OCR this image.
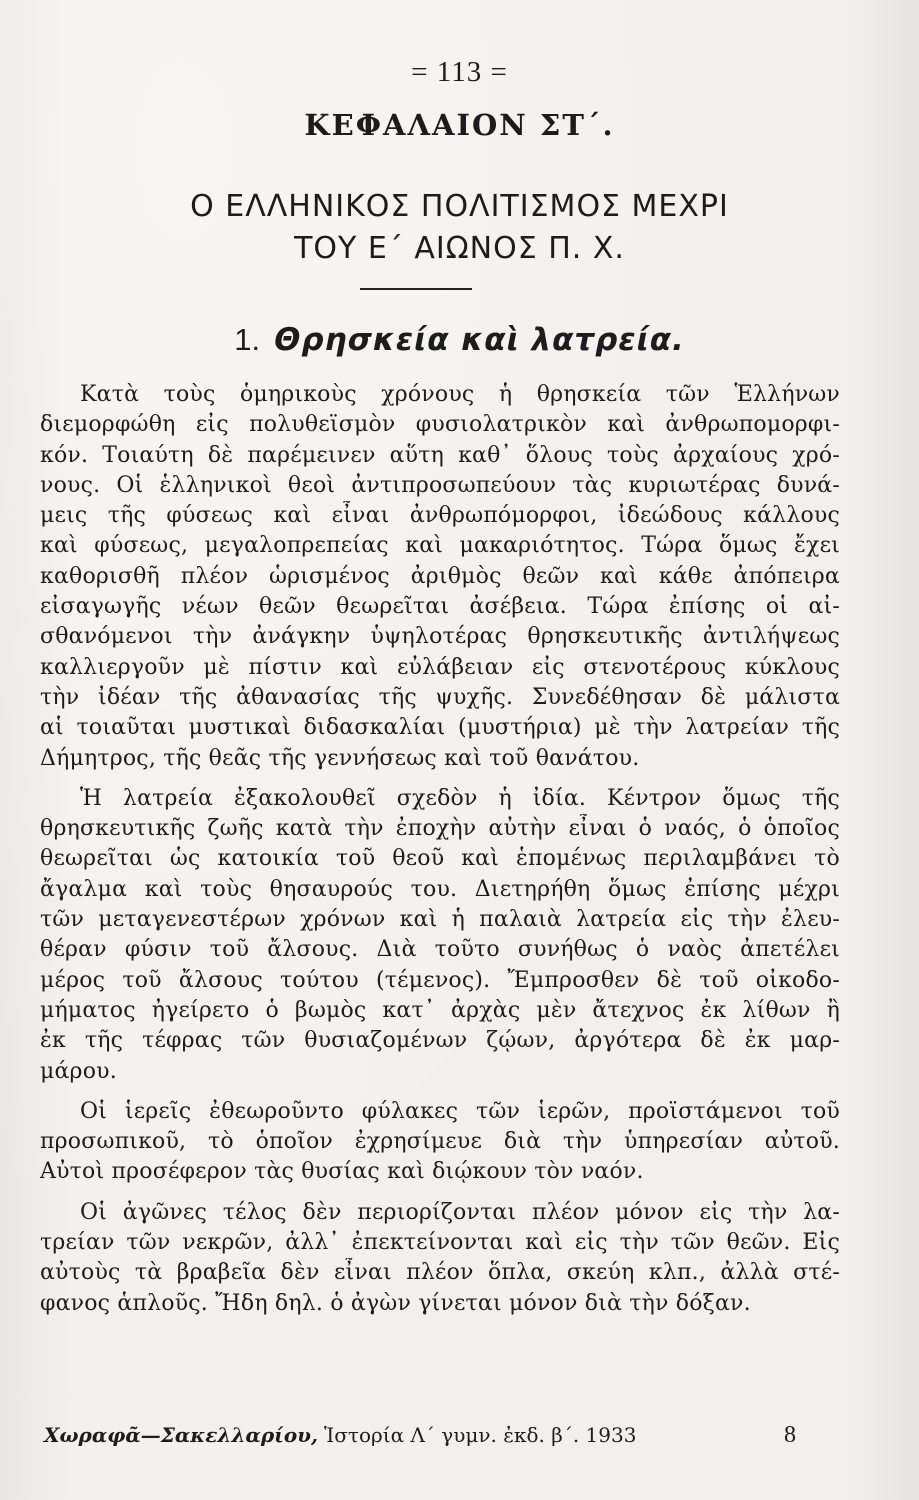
= 113 =
ΚΕΦΑΛΑΙΟΝ ΣΤ΄.
Ο ΕΛΛΗΝΙΚΟΣ ΠΟΛΙΤΙΣΜΟΣ ΜΕΧΡΙ
ΤΟΥ Ε΄ ΑΙΩΝΟΣ Π. Χ.
1. Θρησκεία καὶ λατρεία.
Κατὰ τοὺς ὁμηρικοὺς χρόνους ἡ θρησκεία τῶν Ἑλλήνων
διεμορφώθη εἰς πολυθεϊσμὸν φυσιολατρικὸν καὶ ἀνθρωπομορφι-
κόν. Τοιαύτη δὲ παρέμεινεν αὕτη καθ᾿ ὅλους τοὺς ἀρχαίους χρό-
νους. Οἱ ἑλληνικοὶ θεοὶ ἀντιπροσωπεύουν τὰς κυριωτέρας δυνά-
μεις τῆς φύσεως καὶ εἶναι ἀνθρωπόμορφοι, ἰδεώδους κάλλους
καὶ φύσεως, μεγαλοπρεπείας καὶ μακαριότητος. Τώρα ὅμως ἔχει
καθορισθῆ πλέον ὡρισμένος ἀριθμὸς θεῶν καὶ κάθε ἀπόπειρα
εἰσαγωγῆς νέων θεῶν θεωρεῖται ἀσέβεια. Τώρα ἐπίσης οἱ αἰ-
σθανόμενοι τὴν ἀνάγκην ὑψηλοτέρας θρησκευτικῆς ἀντιλήψεως
καλλιεργοῦν μὲ πίστιν καὶ εὐλάβειαν εἰς στενοτέρους κύκλους
τὴν ἰδέαν τῆς ἀθανασίας τῆς ψυχῆς. Συνεδέθησαν δὲ μάλιστα
αἱ τοιαῦται μυστικαὶ διδασκαλίαι (μυστήρια) μὲ τὴν λατρείαν τῆς
Δήμητρος, τῆς θεᾶς τῆς γεννήσεως καὶ τοῦ θανάτου.
Ἡ λατρεία ἐξακολουθεῖ σχεδὸν ἡ ἰδία. Κέντρον ὅμως τῆς
θρησκευτικῆς ζωῆς κατὰ τὴν ἐποχὴν αὐτὴν εἶναι ὁ ναός, ὁ ὁποῖος
θεωρεῖται ὡς κατοικία τοῦ θεοῦ καὶ ἑπομένως περιλαμβάνει τὸ
ἄγαλμα καὶ τοὺς θησαυρούς του. Διετηρήθη ὅμως ἐπίσης μέχρι
τῶν μεταγενεστέρων χρόνων καὶ ἡ παλαιὰ λατρεία εἰς τὴν ἐλευ-
θέραν φύσιν τοῦ ἄλσους. Διὰ τοῦτο συνήθως ὁ ναὸς ἀπετέλει
μέρος τοῦ ἄλσους τούτου (τέμενος). Ἔμπροσθεν δὲ τοῦ οἰκοδο-
μήματος ἠγείρετο ὁ βωμὸς κατ᾿ ἀρχὰς μὲν ἄτεχνος ἐκ λίθων ἢ
ἐκ τῆς τέφρας τῶν θυσιαζομένων ζῴων, ἀργότερα δὲ ἐκ μαρ-
μάρου.
Οἱ ἱερεῖς ἐθεωροῦντο φύλακες τῶν ἱερῶν, προϊστάμενοι τοῦ
προσωπικοῦ, τὸ ὁποῖον ἐχρησίμευε διὰ τὴν ὑπηρεσίαν αὐτοῦ.
Αὐτοὶ προσέφερον τὰς θυσίας καὶ διῴκουν τὸν ναόν.
Οἱ ἀγῶνες τέλος δὲν περιορίζονται πλέον μόνον εἰς τὴν λα-
τρείαν τῶν νεκρῶν, ἀλλ᾿ ἐπεκτείνονται καὶ εἰς τὴν τῶν θεῶν. Εἰς
αὐτοὺς τὰ βραβεῖα δὲν εἶναι πλέον ὅπλα, σκεύη κλπ., ἀλλὰ στέ-
φανος ἁπλοῦς. Ἤδη δηλ. ὁ ἀγὼν γίνεται μόνον διὰ τὴν δόξαν.
Χωραφᾶ—Σακελλαρίου, Ἱστορία Λ΄ γυμν. ἐκδ. β΄. 1933	8
